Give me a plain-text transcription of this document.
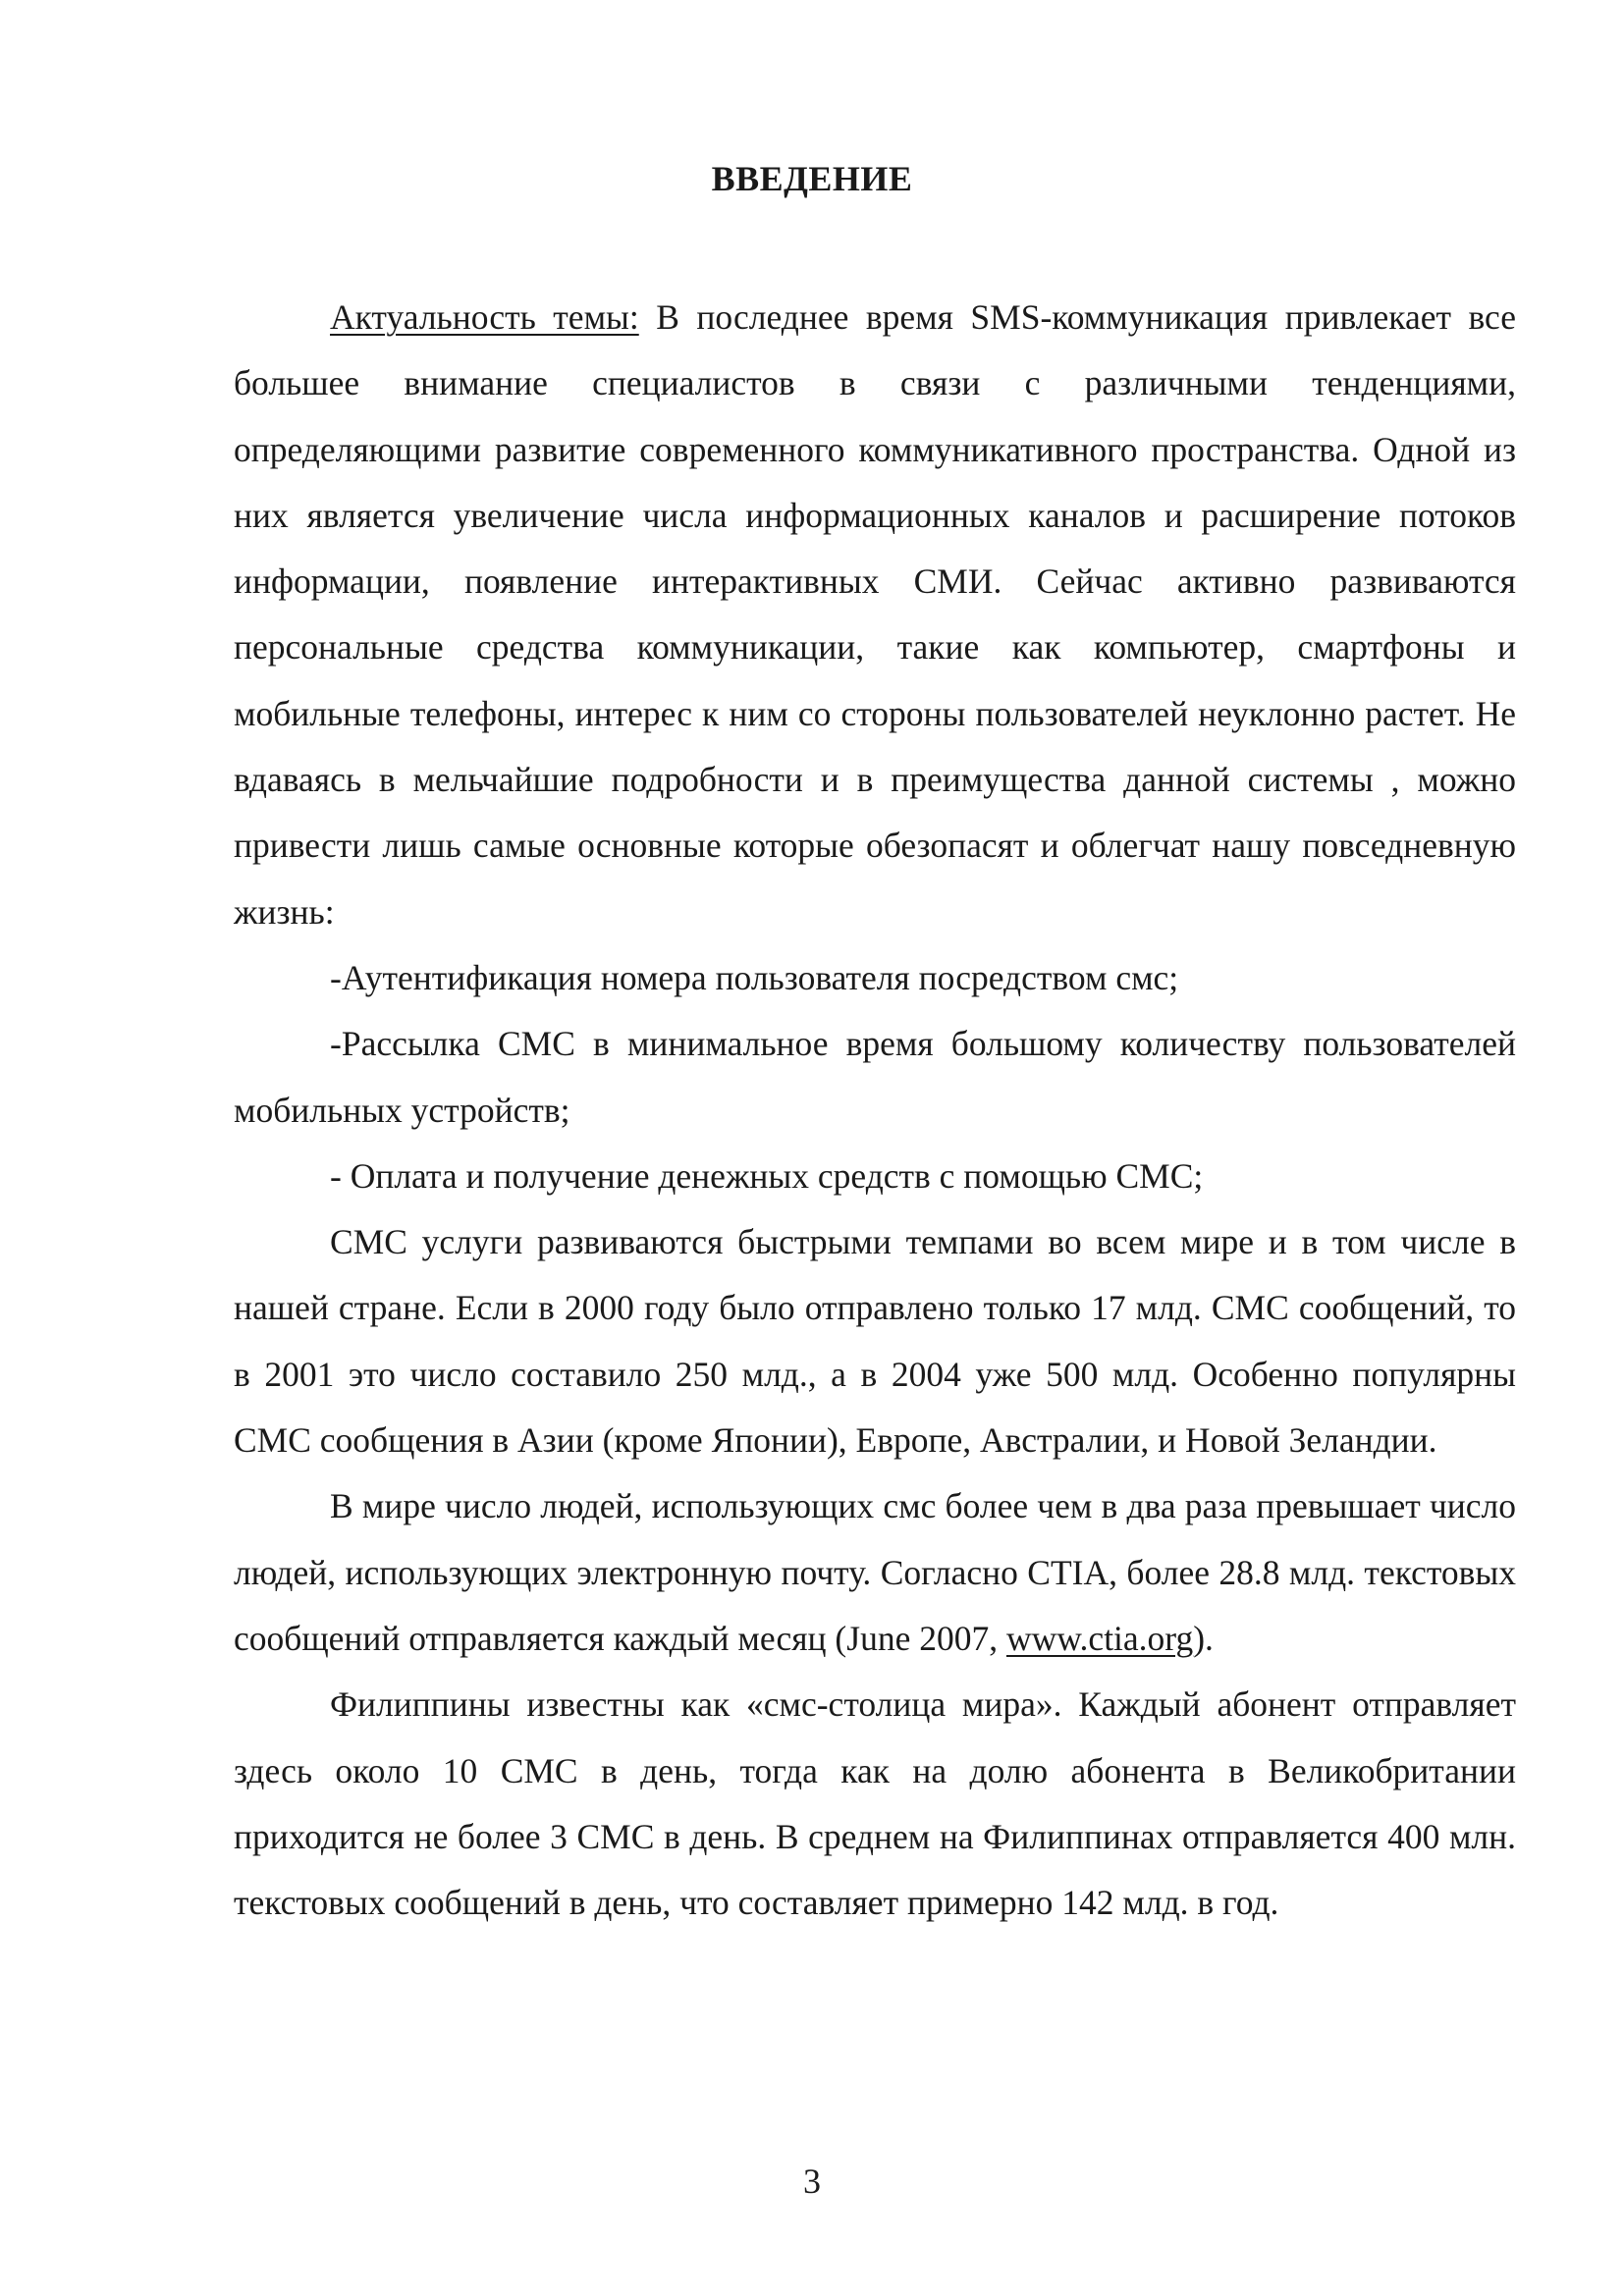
ВВЕДЕНИЕ

Актуальность темы: В последнее время SMS-коммуникация привлекает все большее внимание специалистов в связи с различными тенденциями, определяющими развитие современного коммуникативного пространства. Одной из них является увеличение числа информационных каналов и расширение потоков информации, появление интерактивных СМИ. Сейчас активно развиваются персональные средства коммуникации, такие как компьютер, смартфоны и мобильные телефоны, интерес к ним со стороны пользователей неуклонно растет. Не вдаваясь в мельчайшие подробности и в преимущества данной системы , можно привести лишь самые основные которые обезопасят и облегчат нашу повседневную жизнь:

-Аутентификация номера пользователя посредством смс;

-Рассылка СМС в минимальное время большому количеству пользователей мобильных устройств;

- Оплата и получение денежных средств с помощью СМС;

СМС услуги развиваются быстрыми темпами во всем мире и в том числе в нашей стране. Если в 2000 году было отправлено только 17 млд. СМС сообщений, то в 2001 это число составило 250 млд., а в 2004 уже 500 млд. Особенно популярны СМС сообщения в Азии (кроме Японии), Европе, Австралии, и Новой Зеландии.

В мире число людей, использующих смс более чем в два раза превышает число людей, использующих электронную почту. Согласно CTIA, более 28.8 млд. текстовых сообщений отправляется каждый месяц (June 2007, www.ctia.org).

Филиппины известны как «смс-столица мира». Каждый абонент отправляет здесь около 10 СМС в день, тогда как на долю абонента в Великобритании приходится не более 3 СМС в день. В среднем на Филиппинах отправляется 400 млн. текстовых сообщений в день, что составляет примерно 142 млд. в год.

3
